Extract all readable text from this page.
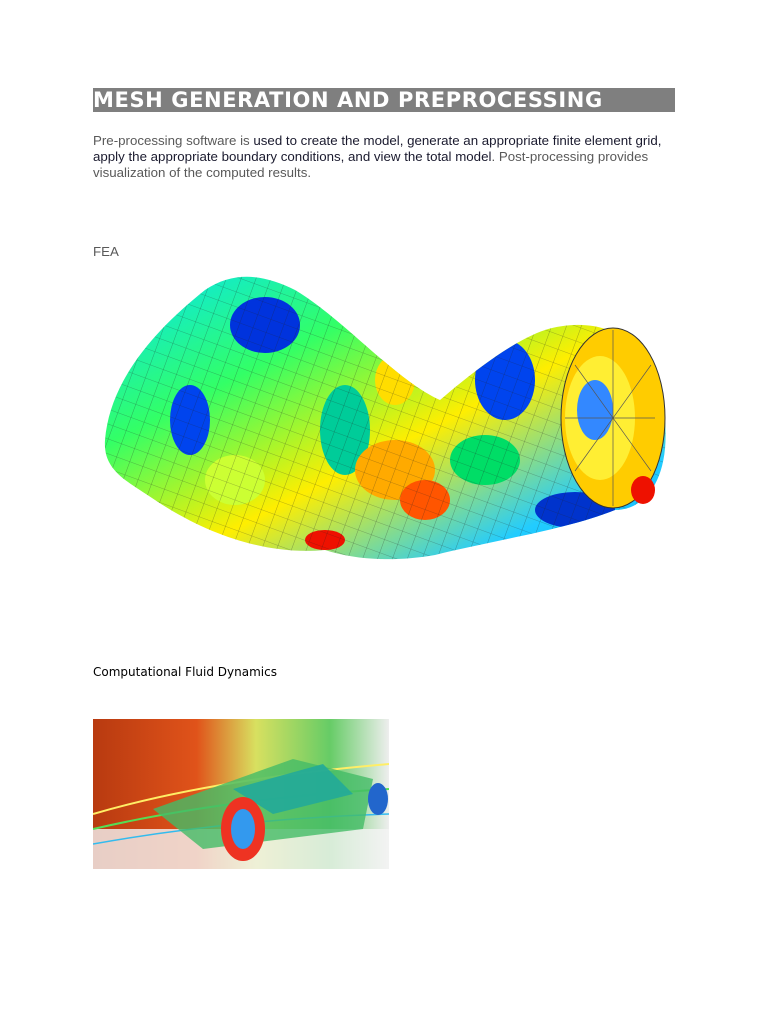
MESH GENERATION AND PREPROCESSING
Pre-processing software is used to create the model, generate an appropriate finite element grid, apply the appropriate boundary conditions, and view the total model. Post-processing provides visualization of the computed results.
FEA
Computational Fluid Dynamics
